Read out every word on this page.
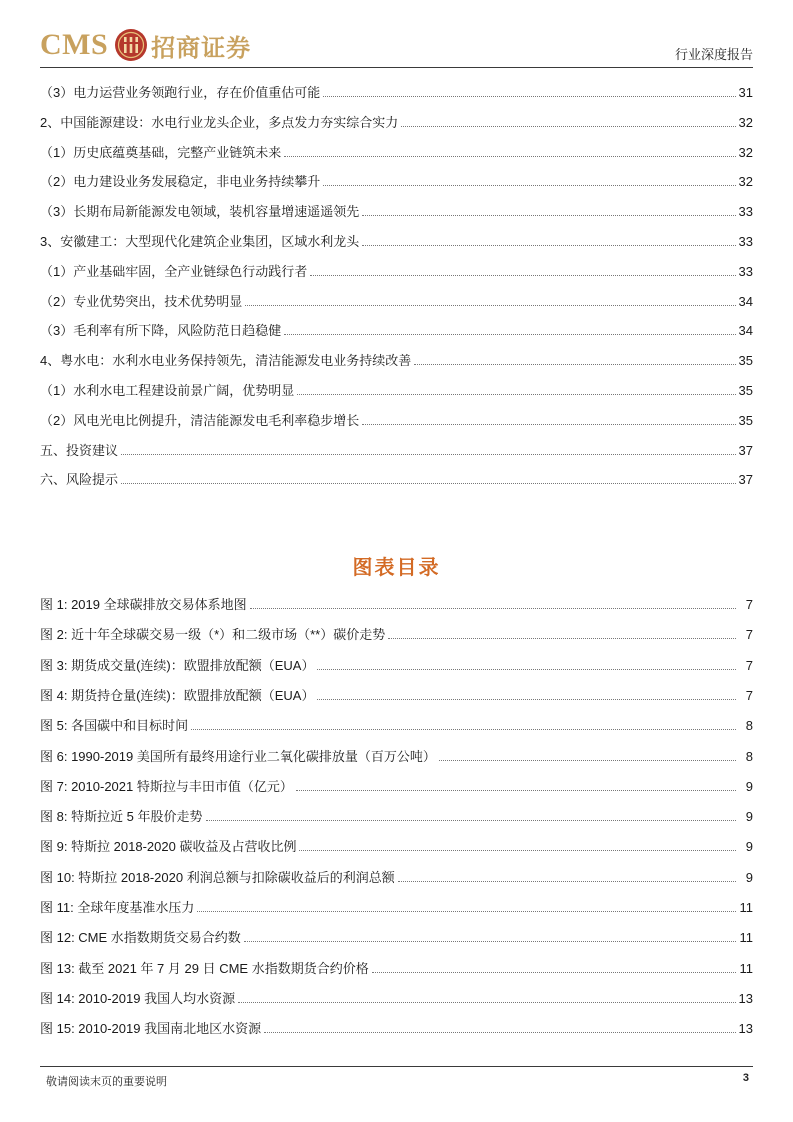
CMS 招商证券	行业深度报告
（3）电力运营业务领跑行业，存在价值重估可能	31
2、中国能源建设：水电行业龙头企业，多点发力夯实综合实力	32
（1）历史底蕴奠基础，完整产业链筑未来	32
（2）电力建设业务发展稳定，非电业务持续攀升	32
（3）长期布局新能源发电领域，装机容量增速遥遥领先	33
3、安徽建工：大型现代化建筑企业集团，区域水利龙头	33
（1）产业基础牢固，全产业链绿色行动践行者	33
（2）专业优势突出，技术优势明显	34
（3）毛利率有所下降，风险防范日趋稳健	34
4、粤水电：水利水电业务保持领先，清洁能源发电业务持续改善	35
（1）水利水电工程建设前景广阔，优势明显	35
（2）风电光电比例提升，清洁能源发电毛利率稳步增长	35
五、投资建议	37
六、风险提示	37
图表目录
图 1: 2019 全球碳排放交易体系地图	7
图 2: 近十年全球碳交易一级（*）和二级市场（**）碳价走势	7
图 3: 期货成交量(连续)：欧盟排放配额（EUA）	7
图 4: 期货持仓量(连续)：欧盟排放配额（EUA）	7
图 5: 各国碳中和目标时间	8
图 6: 1990-2019 美国所有最终用途行业二氧化碳排放量（百万公吨）	8
图 7: 2010-2021 特斯拉与丰田市值（亿元）	9
图 8: 特斯拉近 5 年股价走势	9
图 9: 特斯拉 2018-2020 碳收益及占营收比例	9
图 10: 特斯拉 2018-2020 利润总额与扣除碳收益后的利润总额	9
图 11: 全球年度基准水压力	11
图 12: CME 水指数期货交易合约数	11
图 13: 截至 2021 年 7 月 29 日 CME 水指数期货合约价格	11
图 14: 2010-2019 我国人均水资源	13
图 15: 2010-2019 我国南北地区水资源	13
敬请阅读末页的重要说明	3
